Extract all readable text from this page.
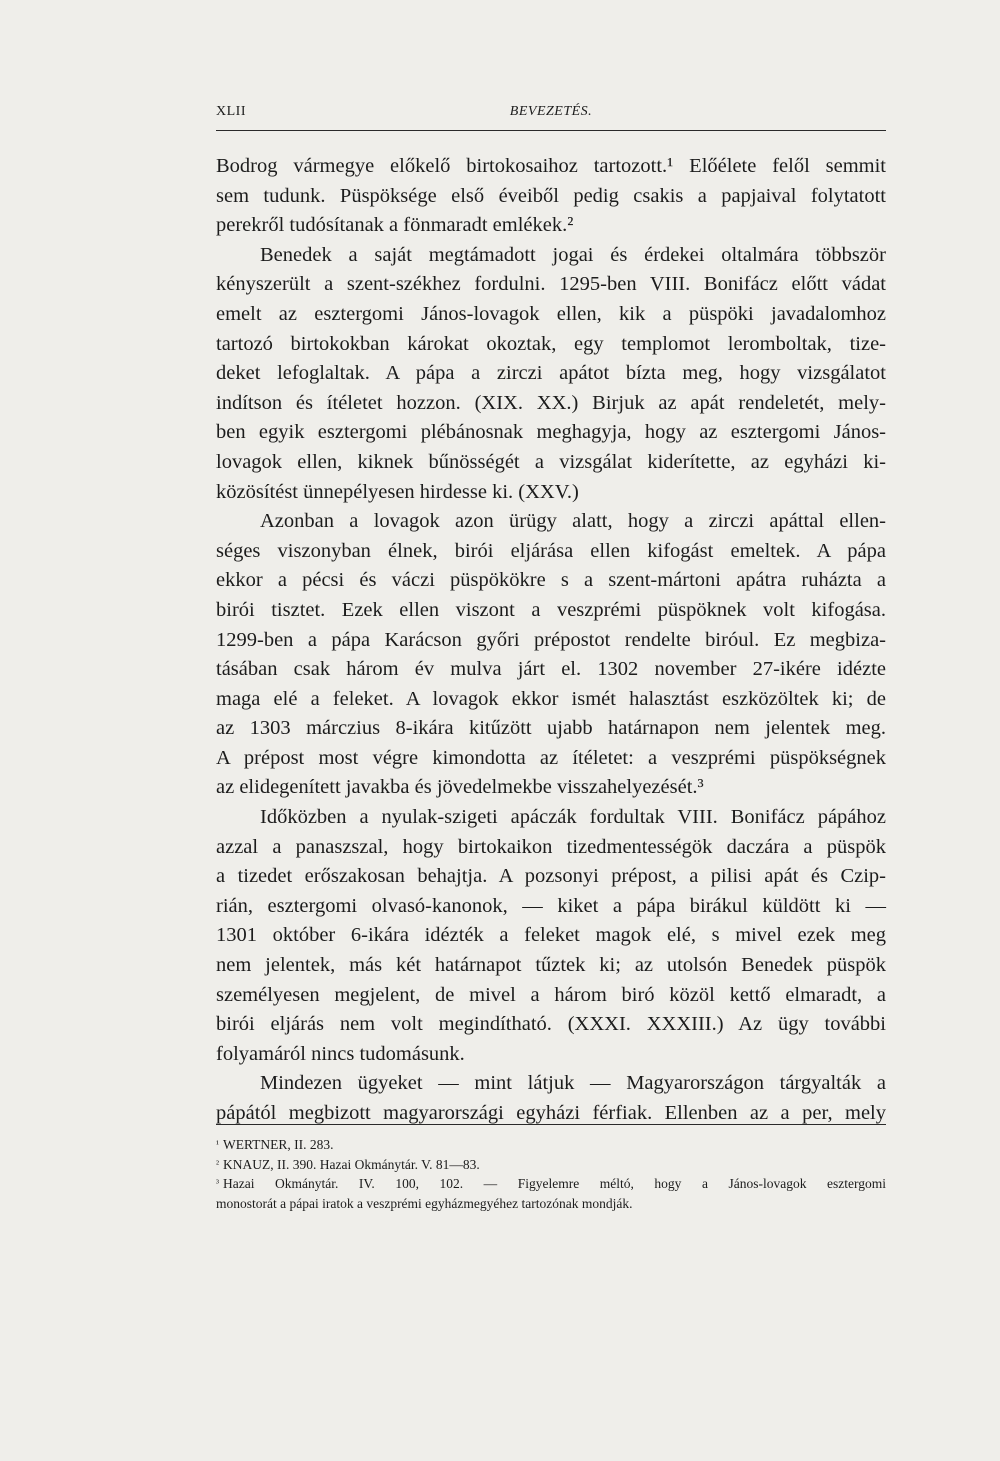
XLII	BEVEZETÉS.
Bodrog vármegye előkelő birtokosaihoz tartozott.¹ Előélete felől semmit
sem tudunk. Püspöksége első éveiből pedig csakis a papjaival folytatott
perekről tudósítanak a fönmaradt emlékek.²
Benedek a saját megtámadott jogai és érdekei oltalmára többször
kényszerült a szent-székhez fordulni. 1295-ben VIII. Bonifácz előtt vádat
emelt az esztergomi János-lovagok ellen, kik a püspöki javadalomhoz
tartozó birtokokban károkat okoztak, egy templomot leromboltak, tize-
deket lefoglaltak. A pápa a zirczi apátot bízta meg, hogy vizsgálatot
indítson és ítéletet hozzon. (XIX. XX.) Birjuk az apát rendeletét, mely-
ben egyik esztergomi plébánosnak meghagyja, hogy az esztergomi János-
lovagok ellen, kiknek bűnösségét a vizsgálat kiderítette, az egyházi ki-
közösítést ünnepélyesen hirdesse ki. (XXV.)
Azonban a lovagok azon ürügy alatt, hogy a zirczi apáttal ellen-
séges viszonyban élnek, birói eljárása ellen kifogást emeltek. A pápa
ekkor a pécsi és váczi püspökökre s a szent-mártoni apátra ruházta a
birói tisztet. Ezek ellen viszont a veszprémi püspöknek volt kifogása.
1299-ben a pápa Karácson győri prépostot rendelte biróul. Ez megbiza-
tásában csak három év mulva járt el. 1302 november 27-ikére idézte
maga elé a feleket. A lovagok ekkor ismét halasztást eszközöltek ki; de
az 1303 márczius 8-ikára kitűzött ujabb határnapon nem jelentek meg.
A prépost most végre kimondotta az ítéletet: a veszprémi püspökségnek
az elidegenített javakba és jövedelmekbe visszahelyezését.³
Időközben a nyulak-szigeti apáczák fordultak VIII. Bonifácz pápához
azzal a panaszszal, hogy birtokaikon tizedmentességök daczára a püspök
a tizedet erőszakosan behajtja. A pozsonyi prépost, a pilisi apát és Czip-
rián, esztergomi olvasó-kanonok, — kiket a pápa birákul küldött ki —
1301 október 6-ikára idézték a feleket magok elé, s mivel ezek meg
nem jelentek, más két határnapot tűztek ki; az utolsón Benedek püspök
személyesen megjelent, de mivel a három biró közöl kettő elmaradt, a
birói eljárás nem volt megindítható. (XXXI. XXXIII.) Az ügy további
folyamáról nincs tudomásunk.
Mindezen ügyeket — mint látjuk — Magyarországon tárgyalták a
pápától megbizott magyarországi egyházi férfiak. Ellenben az a per, mely
¹ WERTNER, II. 283.
² KNAUZ, II. 390. Hazai Okmánytár. V. 81—83.
³ Hazai Okmánytár. IV. 100, 102. — Figyelemre méltó, hogy a János-lovagok esztergomi
monostorát a pápai iratok a veszprémi egyházmegyéhez tartozónak mondják.
